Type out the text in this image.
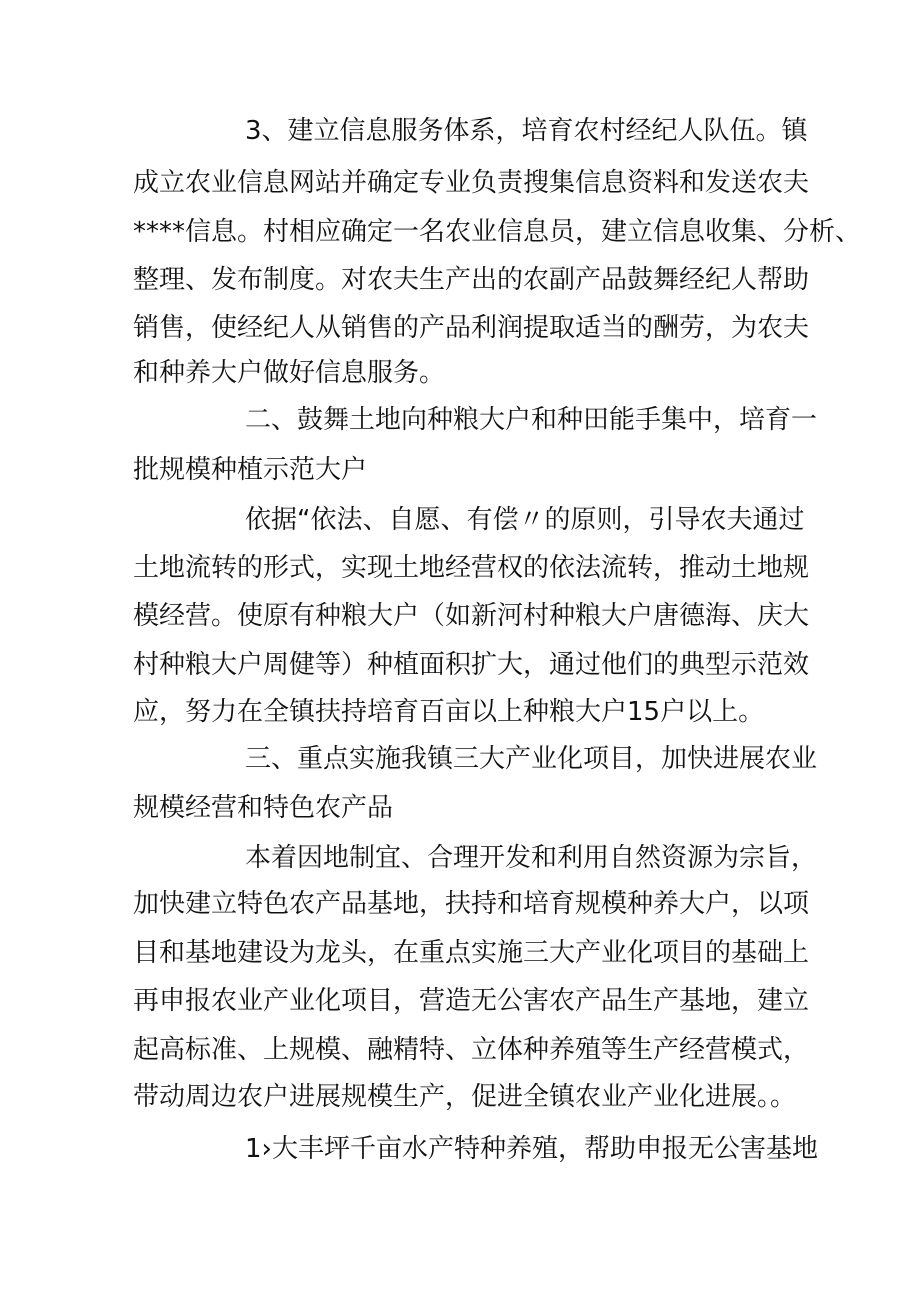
3、建立信息服务体系，培育农村经纪人队伍。镇
成立农业信息网站并确定专业负责搜集信息资料和发送农夫
****信息。村相应确定一名农业信息员，建立信息收集、分析、
整理、发布制度。对农夫生产出的农副产品鼓舞经纪人帮助
销售，使经纪人从销售的产品利润提取适当的酬劳，为农夫
和种养大户做好信息服务。
二、鼓舞土地向种粮大户和种田能手集中，培育一
批规模种植示范大户
依据“依法、自愿、有偿〃的原则，引导农夫通过
土地流转的形式，实现土地经营权的依法流转，推动土地规
模经营。使原有种粮大户（如新河村种粮大户唐德海、庆大
村种粮大户周健等）种植面积扩大，通过他们的典型示范效
应，努力在全镇扶持培育百亩以上种粮大户15户以上。
三、重点实施我镇三大产业化项目，加快进展农业
规模经营和特色农产品
本着因地制宜、合理开发和利用自然资源为宗旨，
加快建立特色农产品基地，扶持和培育规模种养大户，以项
目和基地建设为龙头，在重点实施三大产业化项目的基础上
再申报农业产业化项目，营造无公害农产品生产基地，建立
起高标准、上规模、融精特、立体种养殖等生产经营模式，
带动周边农户进展规模生产，促进全镇农业产业化进展。。
1›大丰坪千亩水产特种养殖，帮助申报无公害基地
